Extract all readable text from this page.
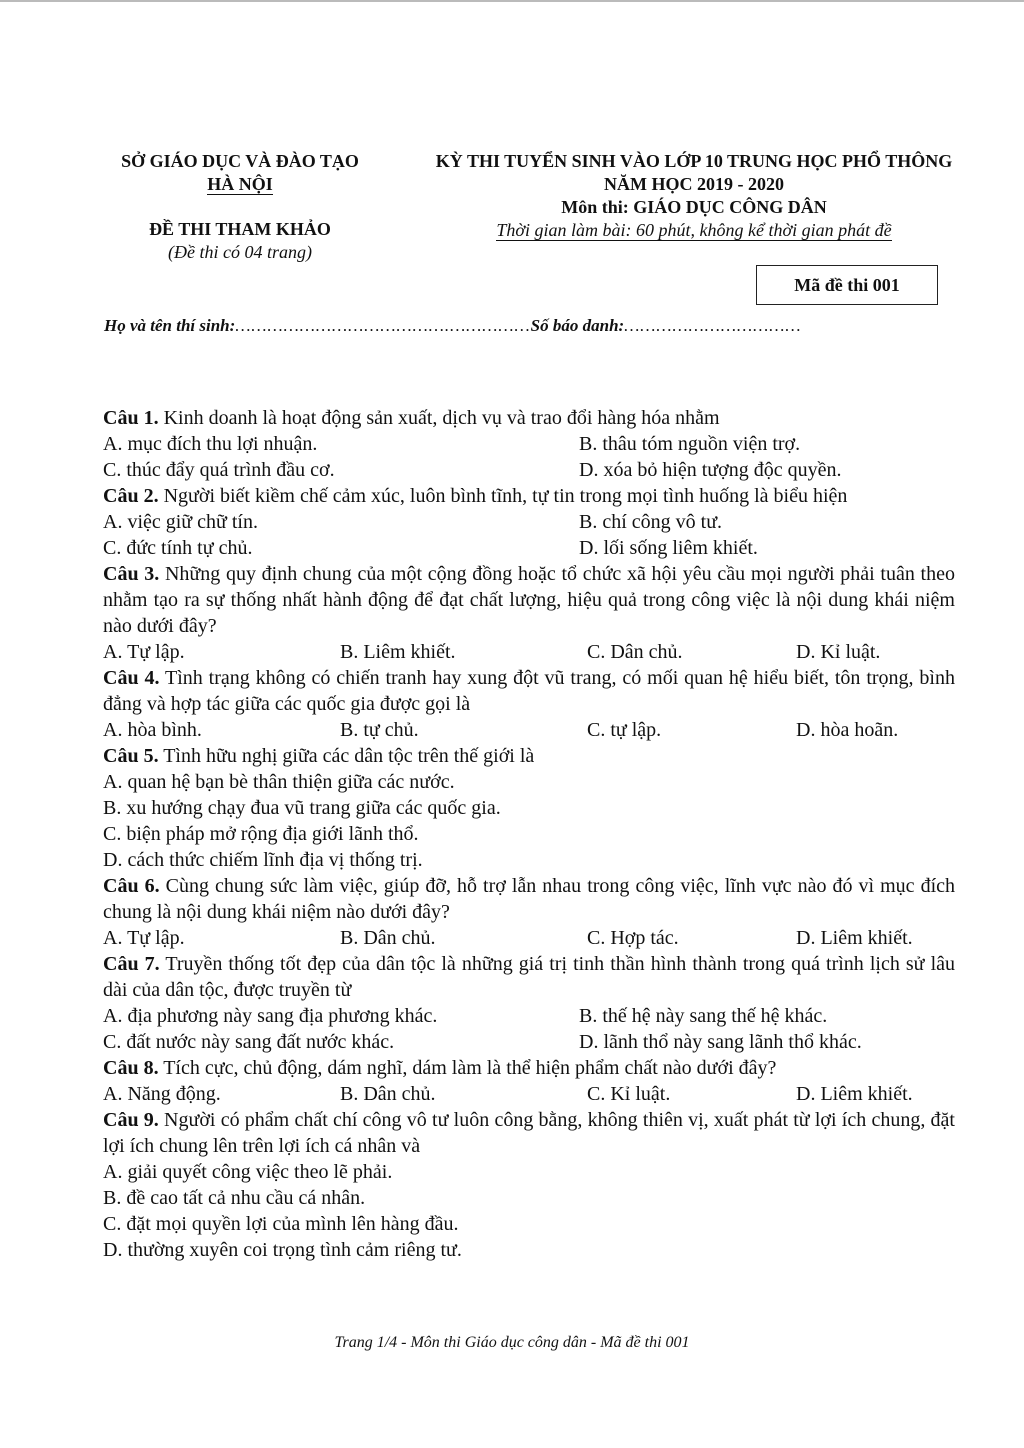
SỞ GIÁO DỤC VÀ ĐÀO TẠO
HÀ NỘI
ĐỀ THI THAM KHẢO
(Đề thi có 04 trang)
KỲ THI TUYỂN SINH VÀO LỚP 10 TRUNG HỌC PHỔ THÔNG
NĂM HỌC 2019 - 2020
Môn thi: GIÁO DỤC CÔNG DÂN
Thời gian làm bài: 60 phút, không kể thời gian phát đề
Mã đề thi 001
Họ và tên thí sinh:………………………………….……………Số báo danh:……………………………
Câu 1. Kinh doanh là hoạt động sản xuất, dịch vụ và trao đổi hàng hóa nhằm
A. mục đích thu lợi nhuận.	B. thâu tóm nguồn viện trợ.
C. thúc đẩy quá trình đầu cơ.	D. xóa bỏ hiện tượng độc quyền.
Câu 2. Người biết kiềm chế cảm xúc, luôn bình tĩnh, tự tin trong mọi tình huống là biểu hiện
A. việc giữ chữ tín.	B. chí công vô tư.
C. đức tính tự chủ.	D. lối sống liêm khiết.
Câu 3. Những quy định chung của một cộng đồng hoặc tổ chức xã hội yêu cầu mọi người phải tuân theo nhằm tạo ra sự thống nhất hành động để đạt chất lượng, hiệu quả trong công việc là nội dung khái niệm nào dưới đây?
A. Tự lập.	B. Liêm khiết.	C. Dân chủ.	D. Kỉ luật.
Câu 4. Tình trạng không có chiến tranh hay xung đột vũ trang, có mối quan hệ hiểu biết, tôn trọng, bình đẳng và hợp tác giữa các quốc gia được gọi là
A. hòa bình.	B. tự chủ.	C. tự lập.	D. hòa hoãn.
Câu 5. Tình hữu nghị giữa các dân tộc trên thế giới là
A. quan hệ bạn bè thân thiện giữa các nước.
B. xu hướng chạy đua vũ trang giữa các quốc gia.
C. biện pháp mở rộng địa giới lãnh thổ.
D. cách thức chiếm lĩnh địa vị thống trị.
Câu 6. Cùng chung sức làm việc, giúp đỡ, hỗ trợ lẫn nhau trong công việc, lĩnh vực nào đó vì mục đích chung là nội dung khái niệm nào dưới đây?
A. Tự lập.	B. Dân chủ.	C. Hợp tác.	D. Liêm khiết.
Câu 7. Truyền thống tốt đẹp của dân tộc là những giá trị tinh thần hình thành trong quá trình lịch sử lâu dài của dân tộc, được truyền từ
A. địa phương này sang địa phương khác.	B. thế hệ này sang thế hệ khác.
C. đất nước này sang đất nước khác.	D. lãnh thổ này sang lãnh thổ khác.
Câu 8. Tích cực, chủ động, dám nghĩ, dám làm là thể hiện phẩm chất nào dưới đây?
A. Năng động.	B. Dân chủ.	C. Kỉ luật.	D. Liêm khiết.
Câu 9. Người có phẩm chất chí công vô tư luôn công bằng, không thiên vị, xuất phát từ lợi ích chung, đặt lợi ích chung lên trên lợi ích cá nhân và
A. giải quyết công việc theo lẽ phải.
B. đề cao tất cả nhu cầu cá nhân.
C. đặt mọi quyền lợi của mình lên hàng đầu.
D. thường xuyên coi trọng tình cảm riêng tư.
Trang 1/4 - Môn thi Giáo dục công dân - Mã đề thi 001
